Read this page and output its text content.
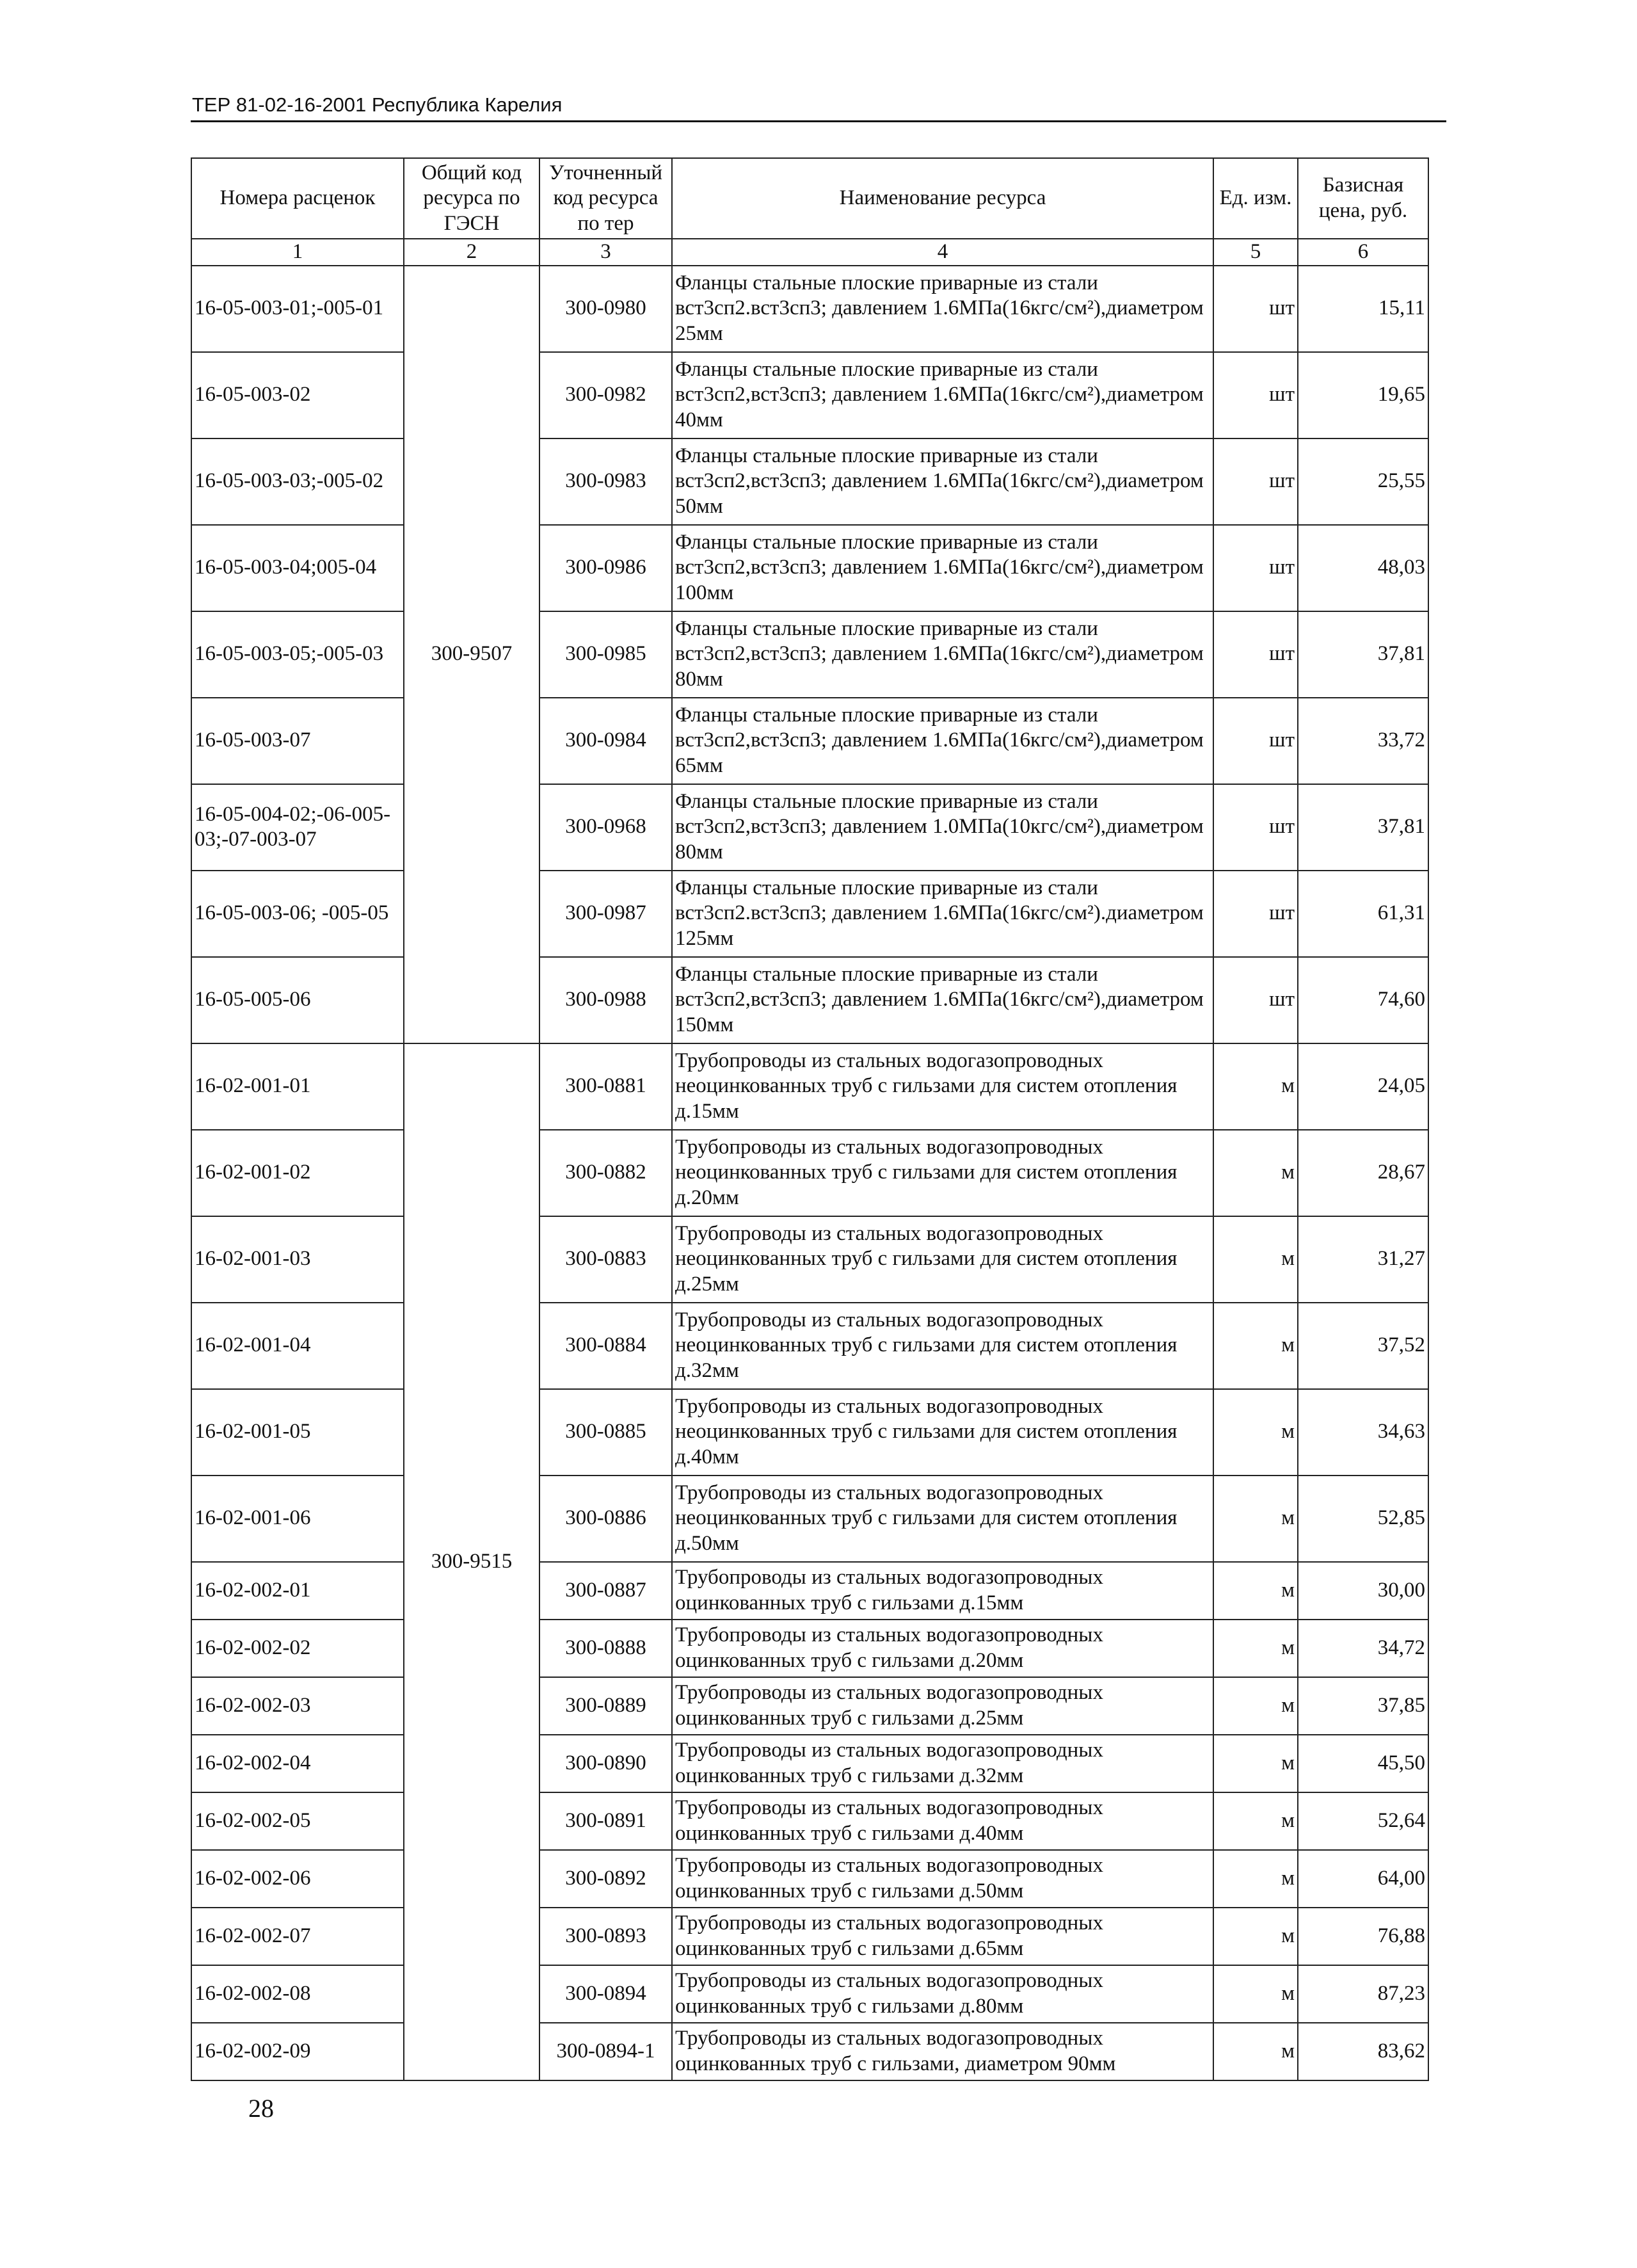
ТЕР 81-02-16-2001 Республика Карелия
Номера расценок	Общий код ресурса по ГЭСН	Уточненный код ресурса по тер	Наименование ресурса	Ед. изм.	Базисная цена, руб.
1	2	3	4	5	6
16-05-003-01;-005-01	300-9507	300-0980	Фланцы стальные плоские приварные из стали вст3сп2.вст3сп3; давлением 1.6МПа(16кгс/см²),диаметром 25мм	шт	15,11
16-05-003-02		300-0982	Фланцы стальные плоские приварные из стали вст3сп2,вст3сп3; давлением 1.6МПа(16кгс/см²),диаметром 40мм	шт	19,65
16-05-003-03;-005-02		300-0983	Фланцы стальные плоские приварные из стали вст3сп2,вст3сп3; давлением 1.6МПа(16кгс/см²),диаметром 50мм	шт	25,55
16-05-003-04;005-04		300-0986	Фланцы стальные плоские приварные из стали вст3сп2,вст3сп3; давлением 1.6МПа(16кгс/см²),диаметром 100мм	шт	48,03
16-05-003-05;-005-03		300-0985	Фланцы стальные плоские приварные из стали вст3сп2,вст3сп3; давлением 1.6МПа(16кгс/см²),диаметром 80мм	шт	37,81
16-05-003-07		300-0984	Фланцы стальные плоские приварные из стали вст3сп2,вст3сп3; давлением 1.6МПа(16кгс/см²),диаметром 65мм	шт	33,72
16-05-004-02;-06-005-03;-07-003-07		300-0968	Фланцы стальные плоские приварные из стали вст3сп2,вст3сп3; давлением 1.0МПа(10кгс/см²),диаметром 80мм	шт	37,81
16-05-003-06; -005-05		300-0987	Фланцы стальные плоские приварные из стали вст3сп2.вст3сп3; давлением 1.6МПа(16кгс/см²).диаметром 125мм	шт	61,31
16-05-005-06		300-0988	Фланцы стальные плоские приварные из стали вст3сп2,вст3сп3; давлением 1.6МПа(16кгс/см²),диаметром 150мм	шт	74,60
16-02-001-01	300-9515	300-0881	Трубопроводы из стальных водогазопроводных неоцинкованных труб с гильзами для систем отопления д.15мм	м	24,05
16-02-001-02		300-0882	Трубопроводы из стальных водогазопроводных неоцинкованных труб с гильзами для систем отопления д.20мм	м	28,67
16-02-001-03		300-0883	Трубопроводы из стальных водогазопроводных неоцинкованных труб с гильзами для систем отопления д.25мм	м	31,27
16-02-001-04		300-0884	Трубопроводы из стальных водогазопроводных неоцинкованных труб с гильзами для систем отопления д.32мм	м	37,52
16-02-001-05		300-0885	Трубопроводы из стальных водогазопроводных неоцинкованных труб с гильзами для систем отопления д.40мм	м	34,63
16-02-001-06		300-0886	Трубопроводы из стальных водогазопроводных неоцинкованных труб с гильзами для систем отопления д.50мм	м	52,85
16-02-002-01		300-0887	Трубопроводы из стальных водогазопроводных оцинкованных труб с гильзами д.15мм	м	30,00
16-02-002-02		300-0888	Трубопроводы из стальных водогазопроводных оцинкованных труб с гильзами д.20мм	м	34,72
16-02-002-03		300-0889	Трубопроводы из стальных водогазопроводных оцинкованных труб с гильзами д.25мм	м	37,85
16-02-002-04		300-0890	Трубопроводы из стальных водогазопроводных оцинкованных труб с гильзами д.32мм	м	45,50
16-02-002-05		300-0891	Трубопроводы из стальных водогазопроводных оцинкованных труб с гильзами д.40мм	м	52,64
16-02-002-06		300-0892	Трубопроводы из стальных водогазопроводных оцинкованных труб с гильзами д.50мм	м	64,00
16-02-002-07		300-0893	Трубопроводы из стальных водогазопроводных оцинкованных труб с гильзами д.65мм	м	76,88
16-02-002-08		300-0894	Трубопроводы из стальных водогазопроводных оцинкованных труб с гильзами д.80мм	м	87,23
16-02-002-09		300-0894-1	Трубопроводы из стальных водогазопроводных оцинкованных труб с гильзами, диаметром 90мм	м	83,62
28
